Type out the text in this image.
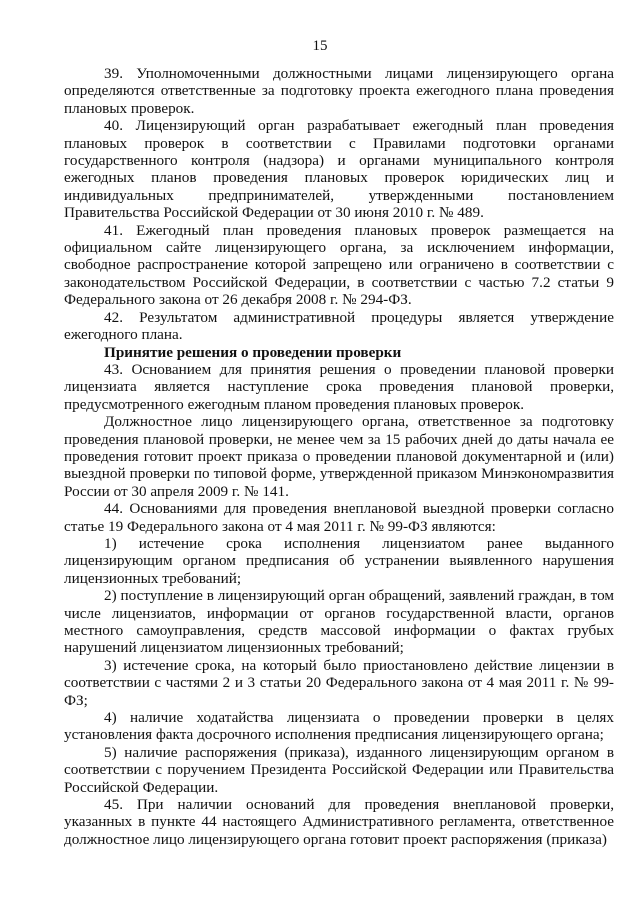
15

39. Уполномоченными должностными лицами лицензирующего органа определяются ответственные за подготовку проекта ежегодного плана проведения плановых проверок.

40. Лицензирующий орган разрабатывает ежегодный план проведения плановых проверок в соответствии с Правилами подготовки органами государственного контроля (надзора) и органами муниципального контроля ежегодных планов проведения плановых проверок юридических лиц и индивидуальных предпринимателей, утвержденными постановлением Правительства Российской Федерации от 30 июня 2010 г. № 489.

41. Ежегодный план проведения плановых проверок размещается на официальном сайте лицензирующего органа, за исключением информации, свободное распространение которой запрещено или ограничено в соответствии с законодательством Российской Федерации, в соответствии с частью 7.2 статьи 9 Федерального закона от 26 декабря 2008 г. № 294-ФЗ.

42. Результатом административной процедуры является утверждение ежегодного плана.

Принятие решения о проведении проверки

43. Основанием для принятия решения о проведении плановой проверки лицензиата является наступление срока проведения плановой проверки, предусмотренного ежегодным планом проведения плановых проверок.

Должностное лицо лицензирующего органа, ответственное за подготовку проведения плановой проверки, не менее чем за 15 рабочих дней до даты начала ее проведения готовит проект приказа о проведении плановой документарной и (или) выездной проверки по типовой форме, утвержденной приказом Минэкономразвития России от 30 апреля 2009 г. № 141.

44. Основаниями для проведения внеплановой выездной проверки согласно статье 19 Федерального закона от 4 мая 2011 г. № 99-ФЗ являются:

1) истечение срока исполнения лицензиатом ранее выданного лицензирующим органом предписания об устранении выявленного нарушения лицензионных требований;

2) поступление в лицензирующий орган обращений, заявлений граждан, в том числе лицензиатов, информации от органов государственной власти, органов местного самоуправления, средств массовой информации о фактах грубых нарушений лицензиатом лицензионных требований;

3) истечение срока, на который было приостановлено действие лицензии в соответствии с частями 2 и 3 статьи 20 Федерального закона от 4 мая 2011 г. № 99-ФЗ;

4) наличие ходатайства лицензиата о проведении проверки в целях установления факта досрочного исполнения предписания лицензирующего органа;

5) наличие распоряжения (приказа), изданного лицензирующим органом в соответствии с поручением Президента Российской Федерации или Правительства Российской Федерации.

45. При наличии оснований для проведения внеплановой проверки, указанных в пункте 44 настоящего Административного регламента, ответственное должностное лицо лицензирующего органа готовит проект распоряжения (приказа)
